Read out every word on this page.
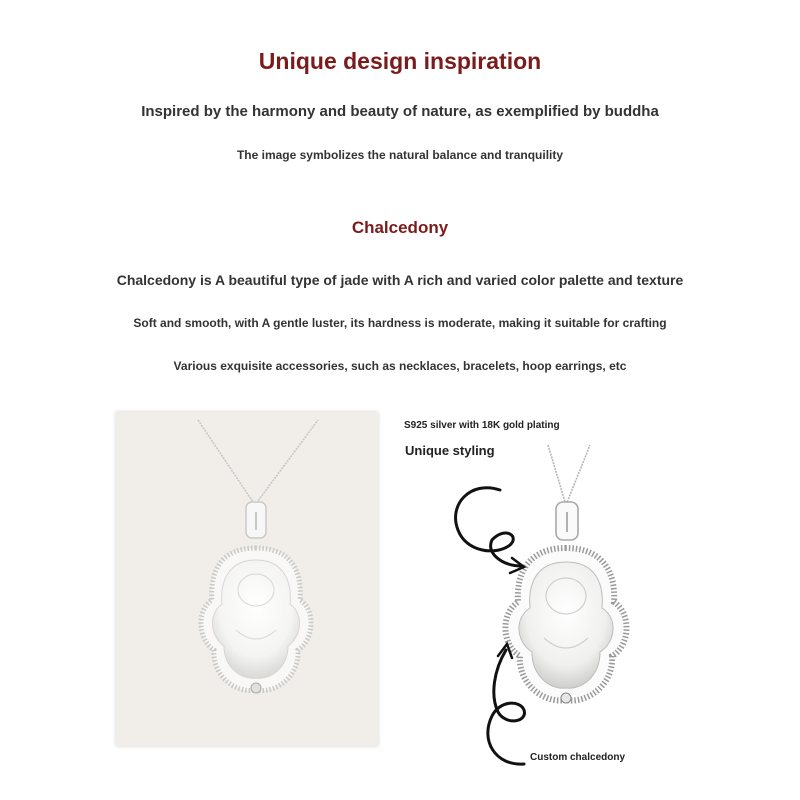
Unique design inspiration
Inspired by the harmony and beauty of nature, as exemplified by buddha
The image symbolizes the natural balance and tranquility
Chalcedony
Chalcedony is A beautiful type of jade with A rich and varied color palette and texture
Soft and smooth, with A gentle luster, its hardness is moderate, making it suitable for crafting
Various exquisite accessories, such as necklaces, bracelets, hoop earrings, etc
S925 silver with 18K gold plating
Unique styling
Custom chalcedony
